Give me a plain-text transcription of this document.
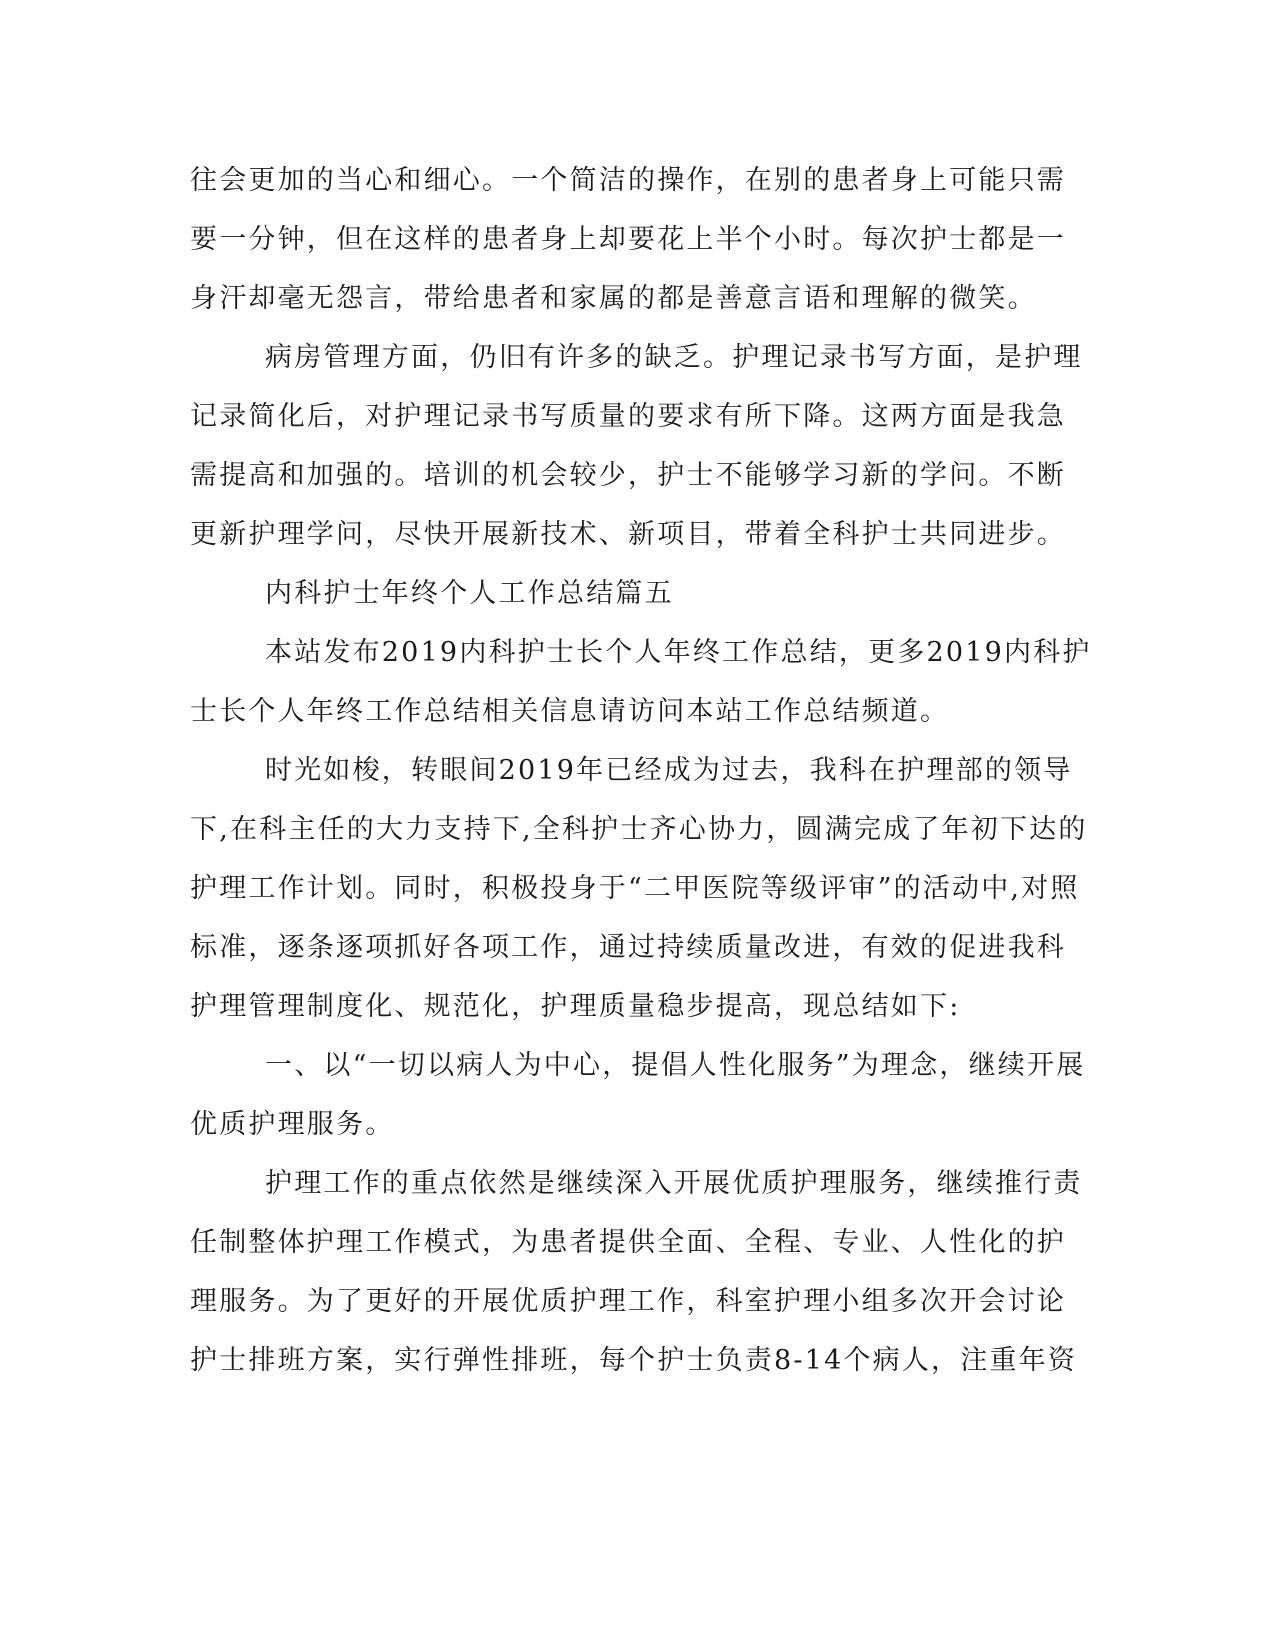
往会更加的当心和细心。一个简洁的操作，在别的患者身上可能只需
要一分钟，但在这样的患者身上却要花上半个小时。每次护士都是一
身汗却毫无怨言，带给患者和家属的都是善意言语和理解的微笑。
病房管理方面，仍旧有许多的缺乏。护理记录书写方面，是护理
记录简化后，对护理记录书写质量的要求有所下降。这两方面是我急
需提高和加强的。培训的机会较少，护士不能够学习新的学问。不断
更新护理学问，尽快开展新技术、新项目，带着全科护士共同进步。
内科护士年终个人工作总结篇五
本站发布2019内科护士长个人年终工作总结，更多2019内科护
士长个人年终工作总结相关信息请访问本站工作总结频道。
时光如梭，转眼间2019年已经成为过去，我科在护理部的领导
下,在科主任的大力支持下,全科护士齐心协力，圆满完成了年初下达的
护理工作计划。同时，积极投身于“二甲医院等级评审”的活动中,对照
标准，逐条逐项抓好各项工作，通过持续质量改进，有效的促进我科
护理管理制度化、规范化，护理质量稳步提高，现总结如下:
一、以“一切以病人为中心，提倡人性化服务”为理念，继续开展
优质护理服务。
护理工作的重点依然是继续深入开展优质护理服务，继续推行责
任制整体护理工作模式，为患者提供全面、全程、专业、人性化的护
理服务。为了更好的开展优质护理工作，科室护理小组多次开会讨论
护士排班方案，实行弹性排班，每个护士负责8-14个病人，注重年资
